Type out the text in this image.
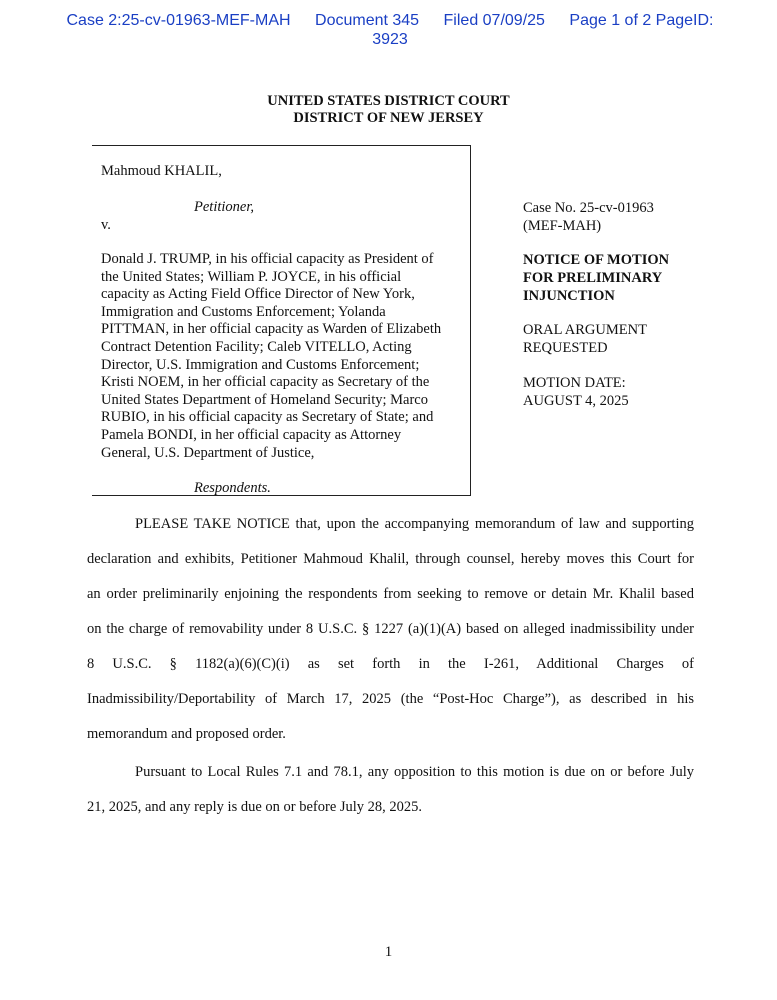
Case 2:25-cv-01963-MEF-MAH Document 345 Filed 07/09/25 Page 1 of 2 PageID:
3923
UNITED STATES DISTRICT COURT
DISTRICT OF NEW JERSEY
Mahmoud KHALIL,
Petitioner,
v.
Donald J. TRUMP, in his official capacity as President of
the United States; William P. JOYCE, in his official
capacity as Acting Field Office Director of New York,
Immigration and Customs Enforcement; Yolanda
PITTMAN, in her official capacity as Warden of Elizabeth
Contract Detention Facility; Caleb VITELLO, Acting
Director, U.S. Immigration and Customs Enforcement;
Kristi NOEM, in her official capacity as Secretary of the
United States Department of Homeland Security; Marco
RUBIO, in his official capacity as Secretary of State; and
Pamela BONDI, in her official capacity as Attorney
General, U.S. Department of Justice,
Respondents.
Case No. 25-cv-01963
(MEF-MAH)
NOTICE OF MOTION
FOR PRELIMINARY
INJUNCTION
ORAL ARGUMENT
REQUESTED
MOTION DATE:
AUGUST 4, 2025
PLEASE TAKE NOTICE that, upon the accompanying memorandum of law and supporting
declaration and exhibits, Petitioner Mahmoud Khalil, through counsel, hereby moves this Court for
an order preliminarily enjoining the respondents from seeking to remove or detain Mr. Khalil based
on the charge of removability under 8 U.S.C. § 1227 (a)(1)(A) based on alleged inadmissibility under
8 U.S.C. § 1182(a)(6)(C)(i) as set forth in the I-261, Additional Charges of
Inadmissibility/Deportability of March 17, 2025 (the “Post-Hoc Charge”), as described in his
memorandum and proposed order.
Pursuant to Local Rules 7.1 and 78.1, any opposition to this motion is due on or before July
21, 2025, and any reply is due on or before July 28, 2025.
1
